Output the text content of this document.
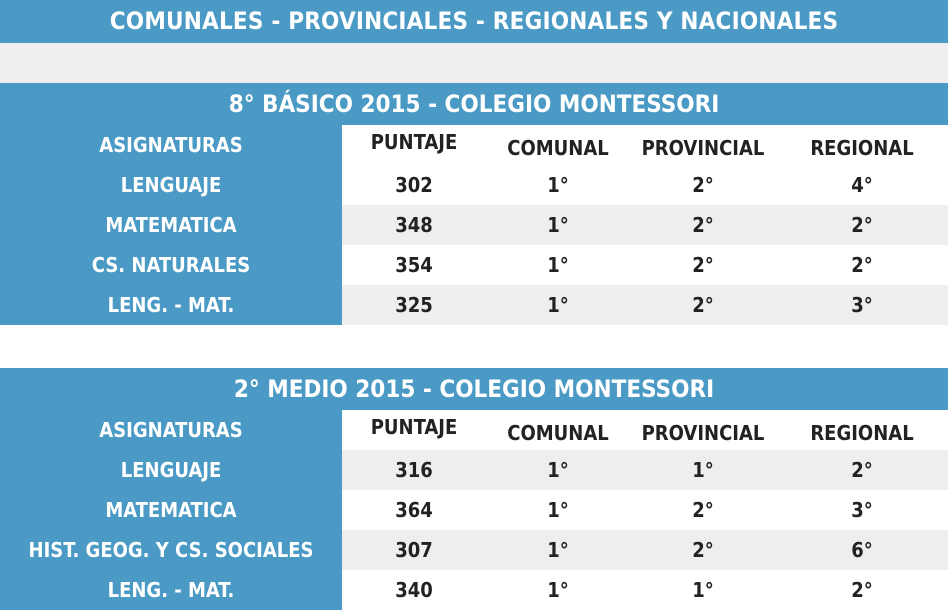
COMUNALES - PROVINCIALES - REGIONALES Y NACIONALES
8° BÁSICO 2015 - COLEGIO MONTESSORI
ASIGNATURAS	PUNTAJE	COMUNAL	PROVINCIAL	REGIONAL
LENGUAJE	302	1°	2°	4°
MATEMATICA	348	1°	2°	2°
CS. NATURALES	354	1°	2°	2°
LENG. - MAT.	325	1°	2°	3°
2° MEDIO 2015 - COLEGIO MONTESSORI
ASIGNATURAS	PUNTAJE	COMUNAL	PROVINCIAL	REGIONAL
LENGUAJE	316	1°	1°	2°
MATEMATICA	364	1°	2°	3°
HIST. GEOG. Y CS. SOCIALES	307	1°	2°	6°
LENG. - MAT.	340	1°	1°	2°
